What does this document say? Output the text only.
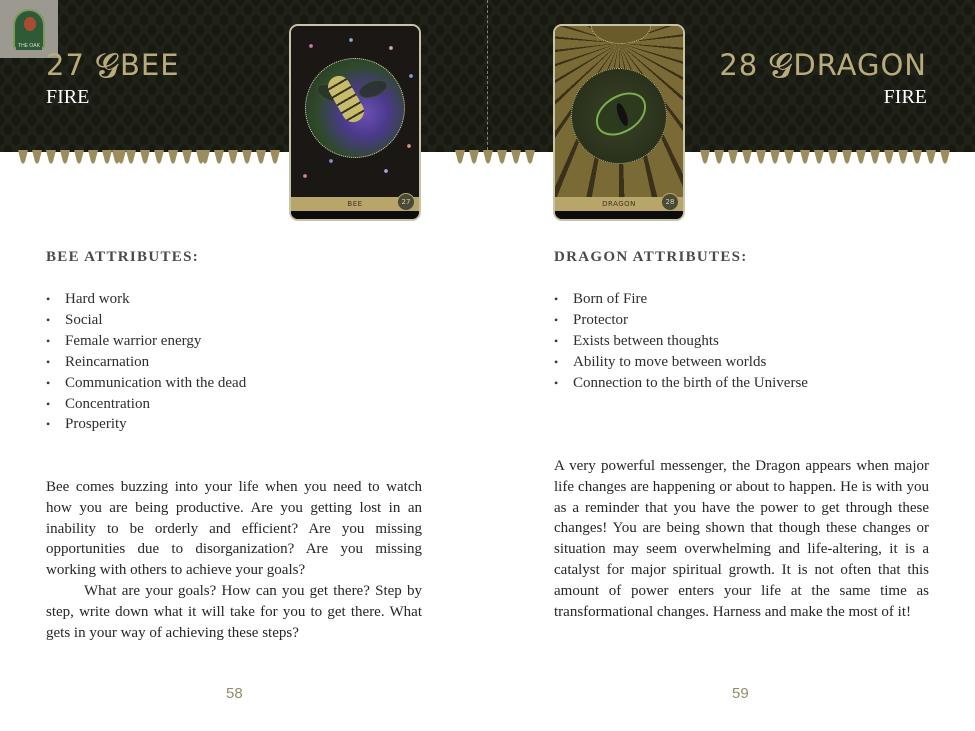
THE OAK
27 𝓖BEE
FIRE
BEE	27
BEE ATTRIBUTES:
• Hard work
• Social
• Female warrior energy
• Reincarnation
• Communication with the dead
• Concentration
• Prosperity

Bee comes buzzing into your life when you need to watch how you are being productive. Are you getting lost in an inability to be orderly and efficient? Are you missing opportunities due to disorganization? Are you missing working with others to achieve your goals?

What are your goals? How can you get there? Step by step, write down what it will take for you to get there. What gets in your way of achieving these steps?

58
28 𝓖DRAGON
FIRE
DRAGON	28
DRAGON ATTRIBUTES:
• Born of Fire
• Protector
• Exists between thoughts
• Ability to move between worlds
• Connection to the birth of the Universe

A very powerful messenger, the Dragon appears when major life changes are happening or about to happen. He is with you as a reminder that you have the power to get through these changes! You are being shown that though these changes or situation may seem overwhelming and life-altering, it is a catalyst for major spiritual growth. It is not often that this amount of power enters your life at the same time as transformational changes. Harness and make the most of it!

59
